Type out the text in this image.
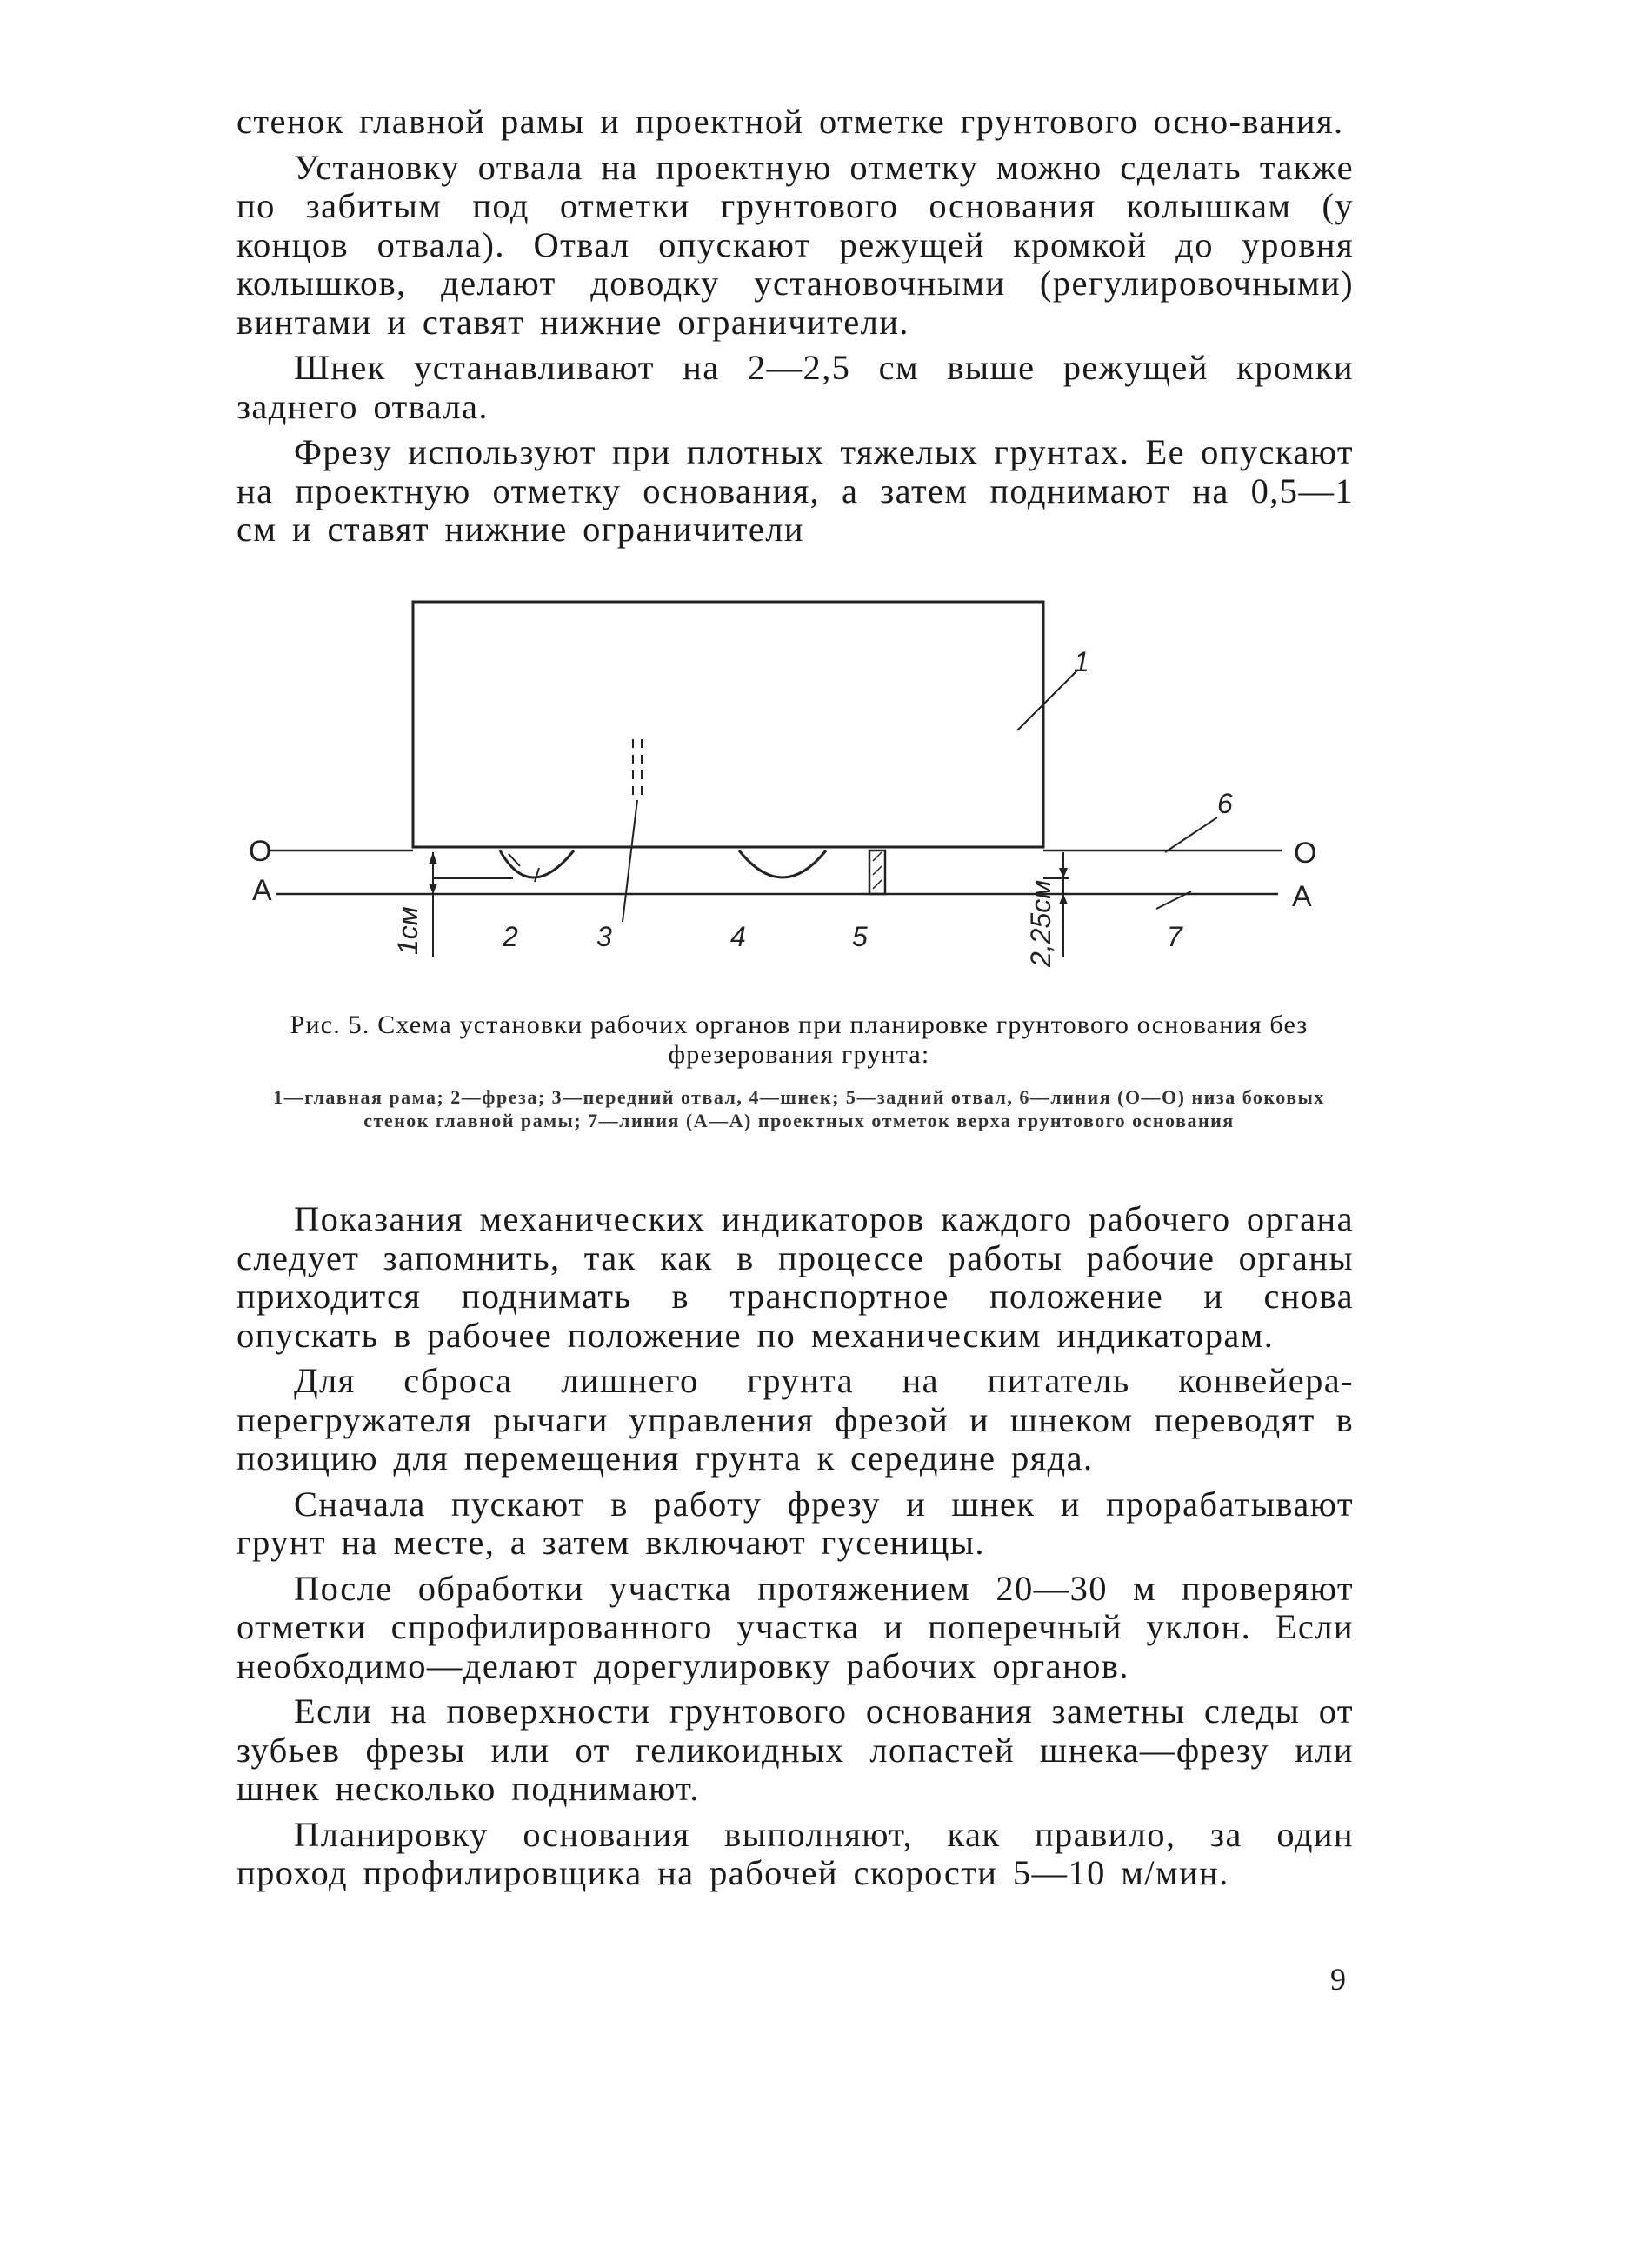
стенок главной рамы и проектной отметке грунтового осно-вания.

Установку отвала на проектную отметку можно сделать также по забитым под отметки грунтового основания колышкам (у концов отвала). Отвал опускают режущей кромкой до уровня колышков, делают доводку установочными (регулировочными) винтами и ставят нижние ограничители.

Шнек устанавливают на 2—2,5 см выше режущей кромки заднего отвала.

Фрезу используют при плотных тяжелых грунтах. Ее опускают на проектную отметку основания, а затем поднимают на 0,5—1 см и ставят нижние ограничители

О	О
А	А
1см	2,25см
1
2	3	4	5
6
7
Рис. 5. Схема установки рабочих органов при планировке грунтового основания без фрезерования грунта:
1—главная рама; 2—фреза; 3—передний отвал, 4—шнек; 5—задний отвал, 6—линия (О—О) низа боковых стенок главной рамы; 7—линия (А—А) проектных отметок верха грунтового основания

Показания механических индикаторов каждого рабочего органа следует запомнить, так как в процессе работы рабочие органы приходится поднимать в транспортное положение и снова опускать в рабочее положение по механическим индикаторам.

Для сброса лишнего грунта на питатель конвейера-перегружателя рычаги управления фрезой и шнеком переводят в позицию для перемещения грунта к середине ряда.

Сначала пускают в работу фрезу и шнек и прорабатывают грунт на месте, а затем включают гусеницы.

После обработки участка протяжением 20—30 м проверяют отметки спрофилированного участка и поперечный уклон. Если необходимо—делают дорегулировку рабочих органов.

Если на поверхности грунтового основания заметны следы от зубьев фрезы или от геликоидных лопастей шнека—фрезу или шнек несколько поднимают.

Планировку основания выполняют, как правило, за один проход профилировщика на рабочей скорости 5—10 м/мин.

9
